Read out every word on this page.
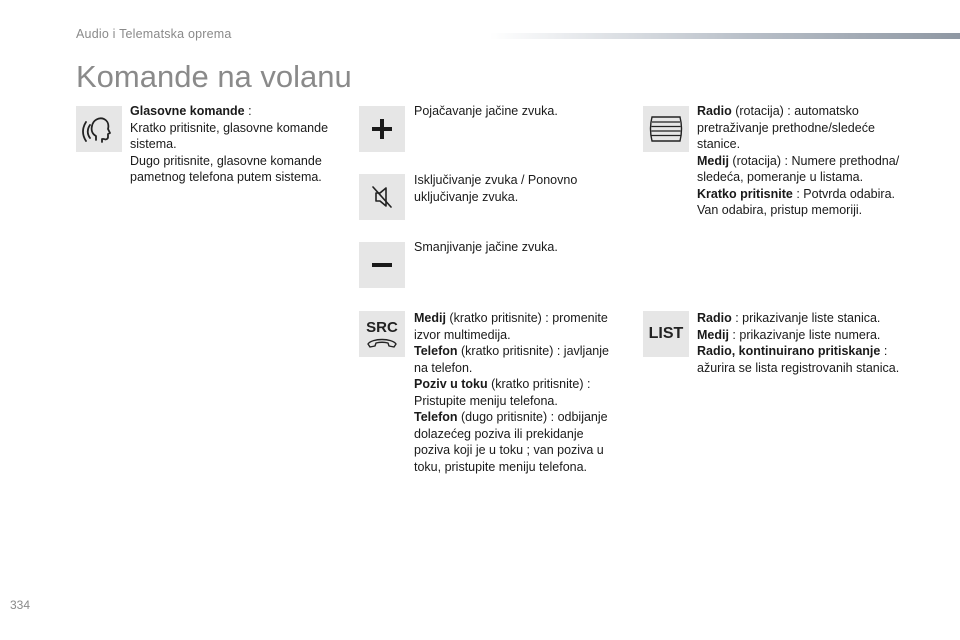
Audio i Telematska oprema
Komande na volanu

Glasovne komande :

Kratko pritisnite, glasovne komande sistema.

Dugo pritisnite, glasovne komande pametnog telefona putem sistema.

Pojačavanje jačine zvuka.
Isključivanje zvuka / Ponovno uključivanje zvuka.
Smanjivanje jačine zvuka.
SRC

Medij (kratko pritisnite) : promenite izvor multimedija.

Telefon (kratko pritisnite) : javljanje na telefon.

Poziv u toku (kratko pritisnite) : Pristupite meniju telefona.

Telefon (dugo pritisnite) : odbijanje dolazećeg poziva ili prekidanje poziva koji je u toku ; van poziva u toku, pristupite meniju telefona.

Radio (rotacija) : automatsko pretraživanje prethodne/sledeće stanice.

Medij (rotacija) : Numere prethodna/ sledeća, pomeranje u listama.

Kratko pritisnite : Potvrda odabira. Van odabira, pristup memoriji.

LIST

Radio : prikazivanje liste stanica.

Medij : prikazivanje liste numera.

Radio, kontinuirano pritiskanje : ažurira se lista registrovanih stanica.

334
